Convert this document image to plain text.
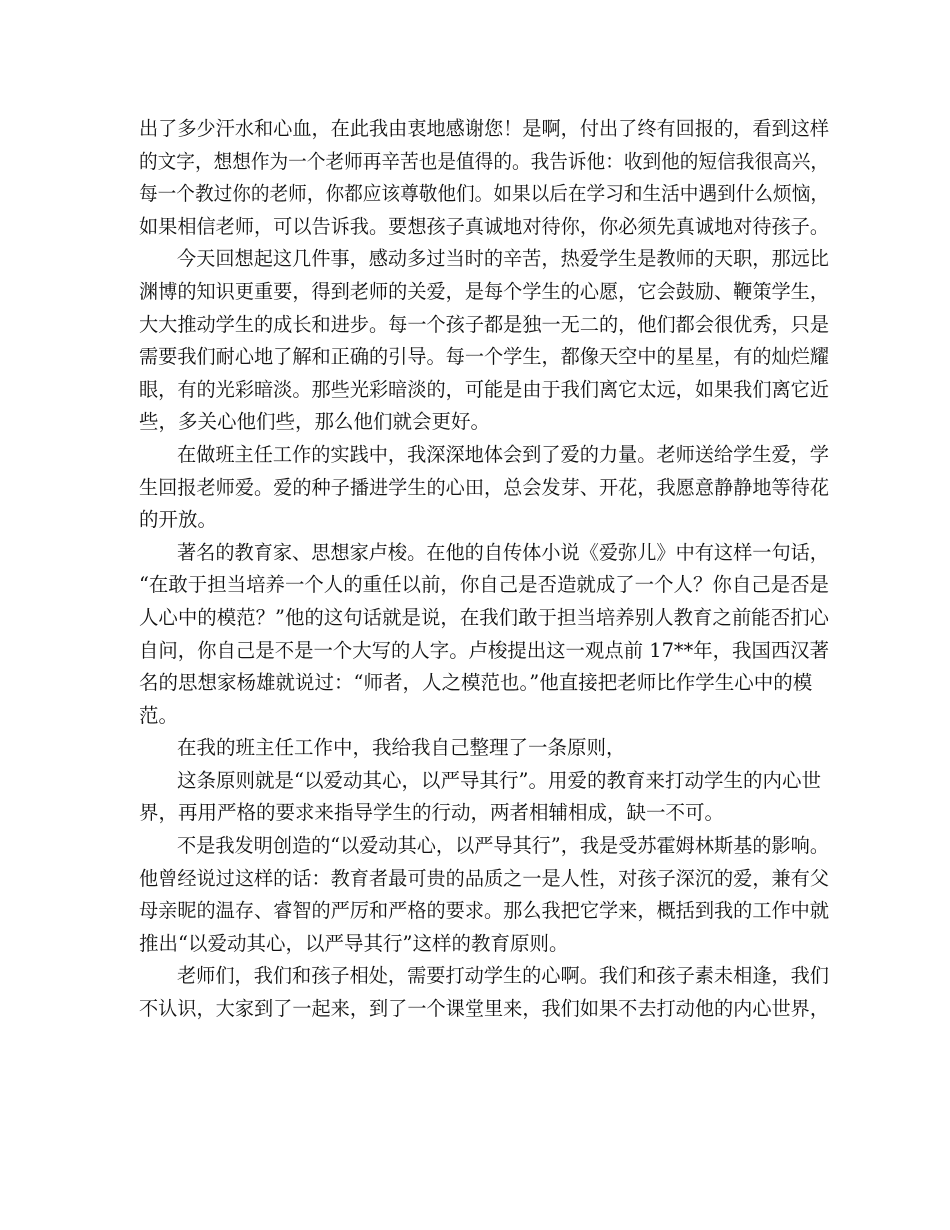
出了多少汗水和心血，在此我由衷地感谢您！是啊，付出了终有回报的，看到这样
的文字，想想作为一个老师再辛苦也是值得的。我告诉他：收到他的短信我很高兴，
每一个教过你的老师，你都应该尊敬他们。如果以后在学习和生活中遇到什么烦恼，
如果相信老师，可以告诉我。要想孩子真诚地对待你，你必须先真诚地对待孩子。
今天回想起这几件事，感动多过当时的辛苦，热爱学生是教师的天职，那远比
渊博的知识更重要，得到老师的关爱，是每个学生的心愿，它会鼓励、鞭策学生，
大大推动学生的成长和进步。每一个孩子都是独一无二的，他们都会很优秀，只是
需要我们耐心地了解和正确的引导。每一个学生，都像天空中的星星，有的灿烂耀
眼，有的光彩暗淡。那些光彩暗淡的，可能是由于我们离它太远，如果我们离它近
些，多关心他们些，那么他们就会更好。
在做班主任工作的实践中，我深深地体会到了爱的力量。老师送给学生爱，学
生回报老师爱。爱的种子播进学生的心田，总会发芽、开花，我愿意静静地等待花
的开放。
著名的教育家、思想家卢梭。在他的自传体小说《爱弥儿》中有这样一句话，
“在敢于担当培养一个人的重任以前，你自己是否造就成了一个人？你自己是否是
人心中的模范？”他的这句话就是说，在我们敢于担当培养别人教育之前能否扪心
自问，你自己是不是一个大写的人字。卢梭提出这一观点前 17**年，我国西汉著
名的思想家杨雄就说过：“师者，人之模范也。”他直接把老师比作学生心中的模
范。
在我的班主任工作中，我给我自己整理了一条原则，
这条原则就是“以爱动其心，以严导其行”。用爱的教育来打动学生的内心世
界，再用严格的要求来指导学生的行动，两者相辅相成，缺一不可。
不是我发明创造的“以爱动其心，以严导其行”，我是受苏霍姆林斯基的影响。
他曾经说过这样的话：教育者最可贵的品质之一是人性，对孩子深沉的爱，兼有父
母亲昵的温存、睿智的严厉和严格的要求。那么我把它学来，概括到我的工作中就
推出“以爱动其心，以严导其行”这样的教育原则。
老师们，我们和孩子相处，需要打动学生的心啊。我们和孩子素未相逢，我们
不认识，大家到了一起来，到了一个课堂里来，我们如果不去打动他的内心世界，
